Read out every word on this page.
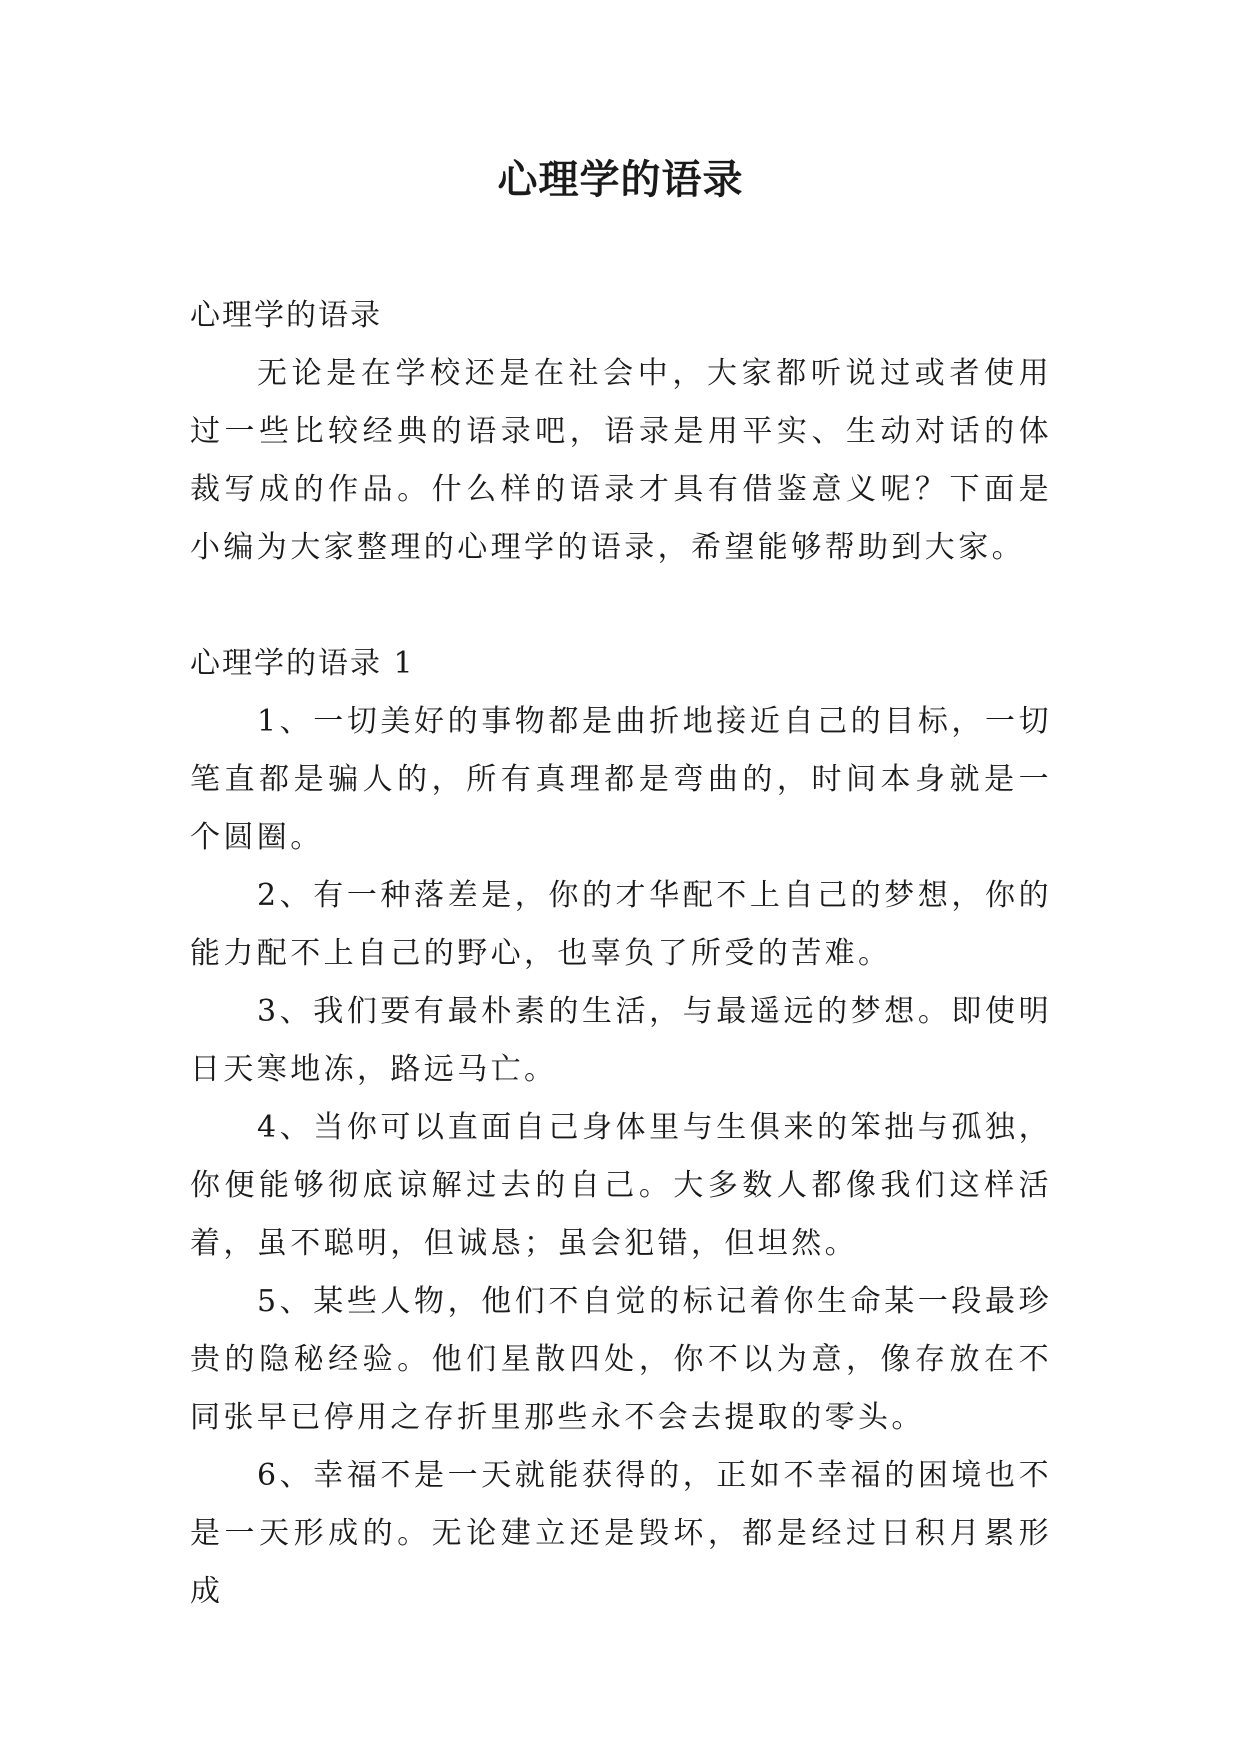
心理学的语录

心理学的语录

无论是在学校还是在社会中，大家都听说过或者使用过一些比较经典的语录吧，语录是用平实、生动对话的体裁写成的作品。什么样的语录才具有借鉴意义呢？下面是小编为大家整理的心理学的语录，希望能够帮助到大家。

心理学的语录 1

1、一切美好的事物都是曲折地接近自己的目标，一切笔直都是骗人的，所有真理都是弯曲的，时间本身就是一个圆圈。

2、有一种落差是，你的才华配不上自己的梦想，你的能力配不上自己的野心，也辜负了所受的苦难。

3、我们要有最朴素的生活，与最遥远的梦想。即使明日天寒地冻，路远马亡。

4、当你可以直面自己身体里与生俱来的笨拙与孤独，你便能够彻底谅解过去的自己。大多数人都像我们这样活着，虽不聪明，但诚恳；虽会犯错，但坦然。

5、某些人物，他们不自觉的标记着你生命某一段最珍贵的隐秘经验。他们星散四处，你不以为意，像存放在不同张早已停用之存折里那些永不会去提取的零头。

6、幸福不是一天就能获得的，正如不幸福的困境也不是一天形成的。无论建立还是毁坏，都是经过日积月累形成
